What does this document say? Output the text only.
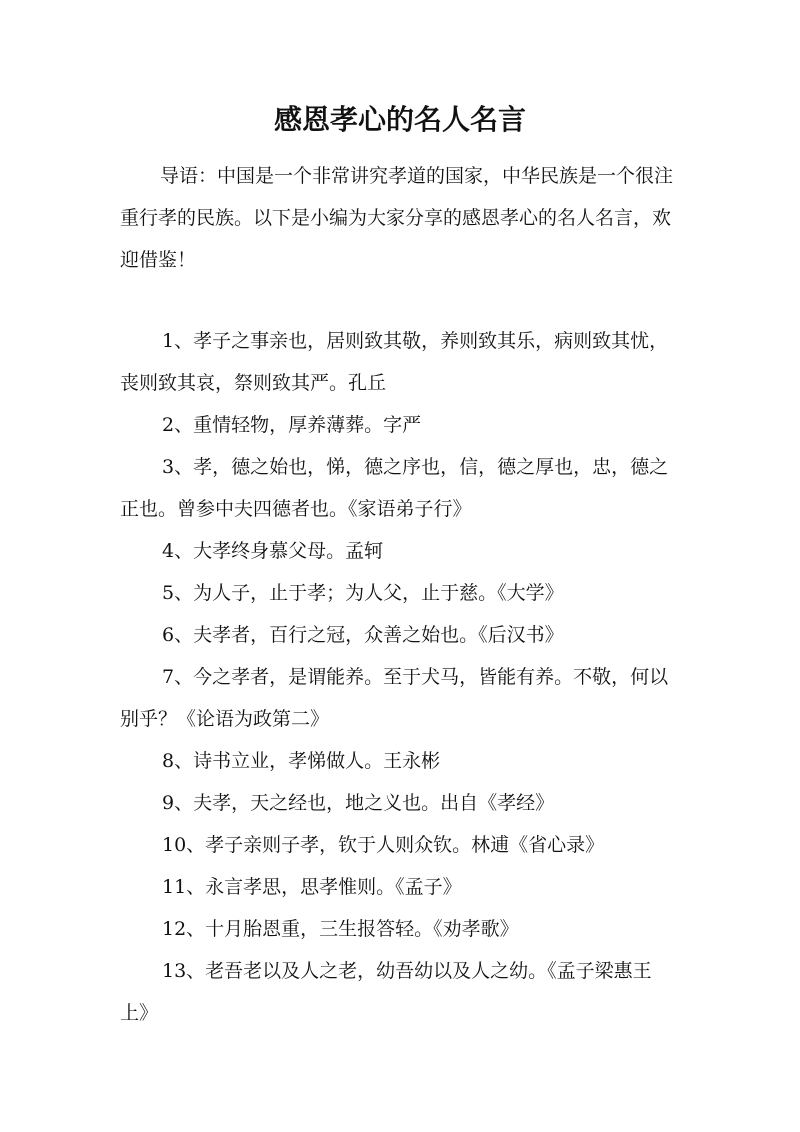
感恩孝心的名人名言

导语：中国是一个非常讲究孝道的国家，中华民族是一个很注重行孝的民族。以下是小编为大家分享的感恩孝心的名人名言，欢迎借鉴！

1、孝子之事亲也，居则致其敬，养则致其乐，病则致其忧，丧则致其哀，祭则致其严。孔丘
2、重情轻物，厚养薄葬。字严
3、孝，德之始也，悌，德之序也，信，德之厚也，忠，德之正也。曾参中夫四德者也。《家语弟子行》
4、大孝终身慕父母。孟轲
5、为人子，止于孝；为人父，止于慈。《大学》
6、夫孝者，百行之冠，众善之始也。《后汉书》
7、今之孝者，是谓能养。至于犬马，皆能有养。不敬，何以别乎？《论语为政第二》
8、诗书立业，孝悌做人。王永彬
9、夫孝，天之经也，地之义也。出自《孝经》
10、孝子亲则子孝，钦于人则众钦。林逋《省心录》
11、永言孝思，思孝惟则。《孟子》
12、十月胎恩重，三生报答轻。《劝孝歌》
13、老吾老以及人之老，幼吾幼以及人之幼。《孟子梁惠王上》
